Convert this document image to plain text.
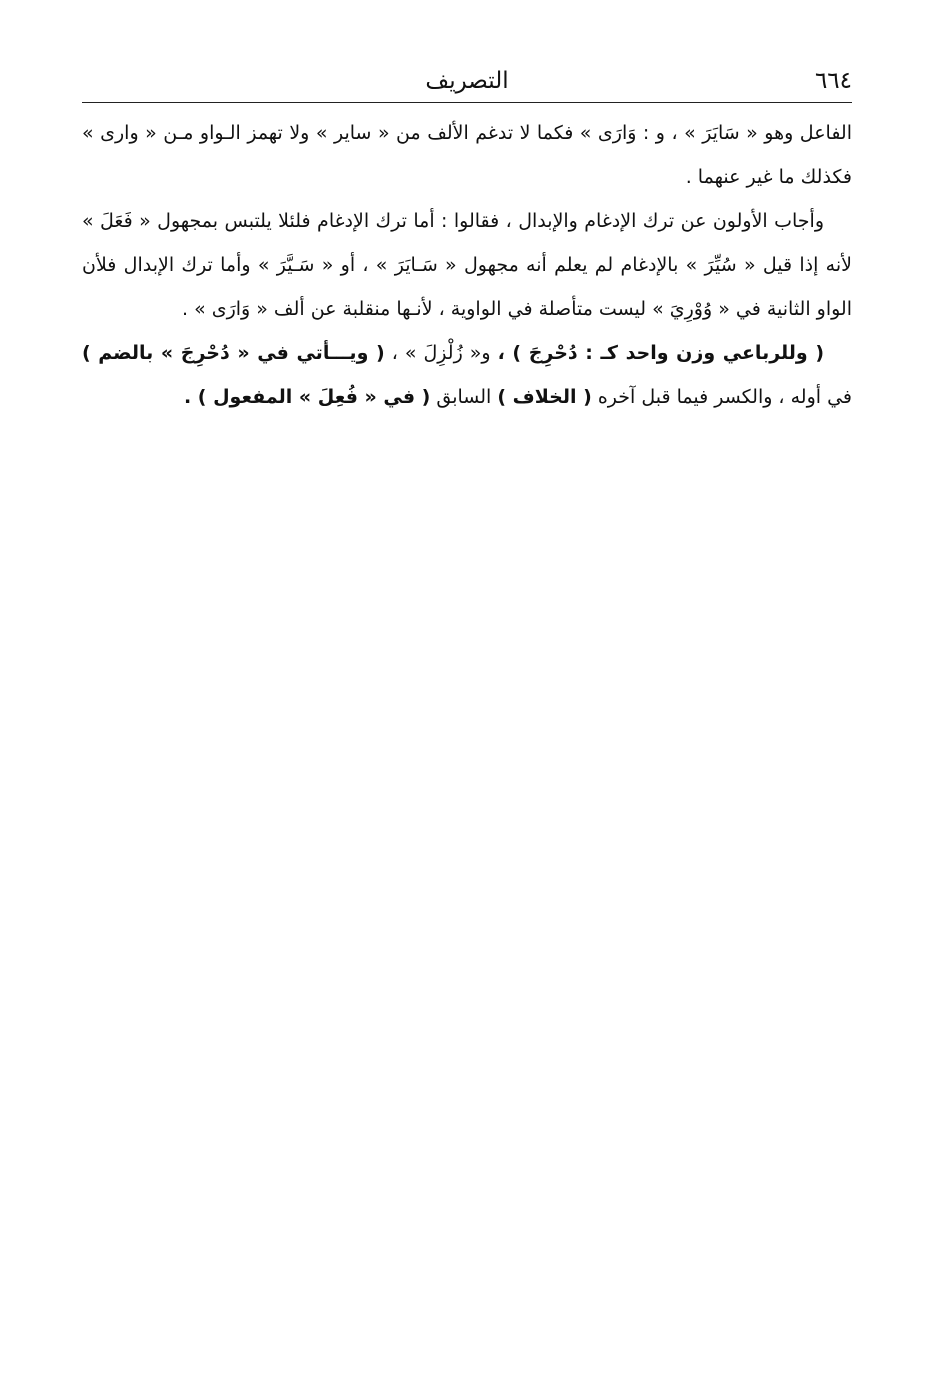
٦٦٤
التصريف

الفاعل وهو « سَايَرَ » ، و : وَارَى » فكما لا تدغم الألف من « ساير » ولا تهمز الـواو مـن « وارى » فكذلك ما غير عنهما .

وأجاب الأولون عن ترك الإدغام والإبدال ، فقالوا : أما ترك الإدغام فلئلا يلتبس بمجهول « فَعَلَ » لأنه إذا قيل « سُيِّرَ » بالإدغام لم يعلم أنه مجهول « سَـايَرَ » ، أو « سَـيَّرَ » وأما ترك الإبدال فلأن الواو الثانية في « وُوْرِيَ » ليست متأصلة في الواوية ، لأنـها منقلبة عن ألف « وَارَى » .

( وللرباعي وزن واحد كـ : دُحْرِجَ ) ، و« زُلْزِلَ » ، ( ويـــأتي في « دُحْرِجَ » بالضم ) في أوله ، والكسر فيما قبل آخره ( الخلاف ) السابق ( في « فُعِلَ » المفعول ) .
